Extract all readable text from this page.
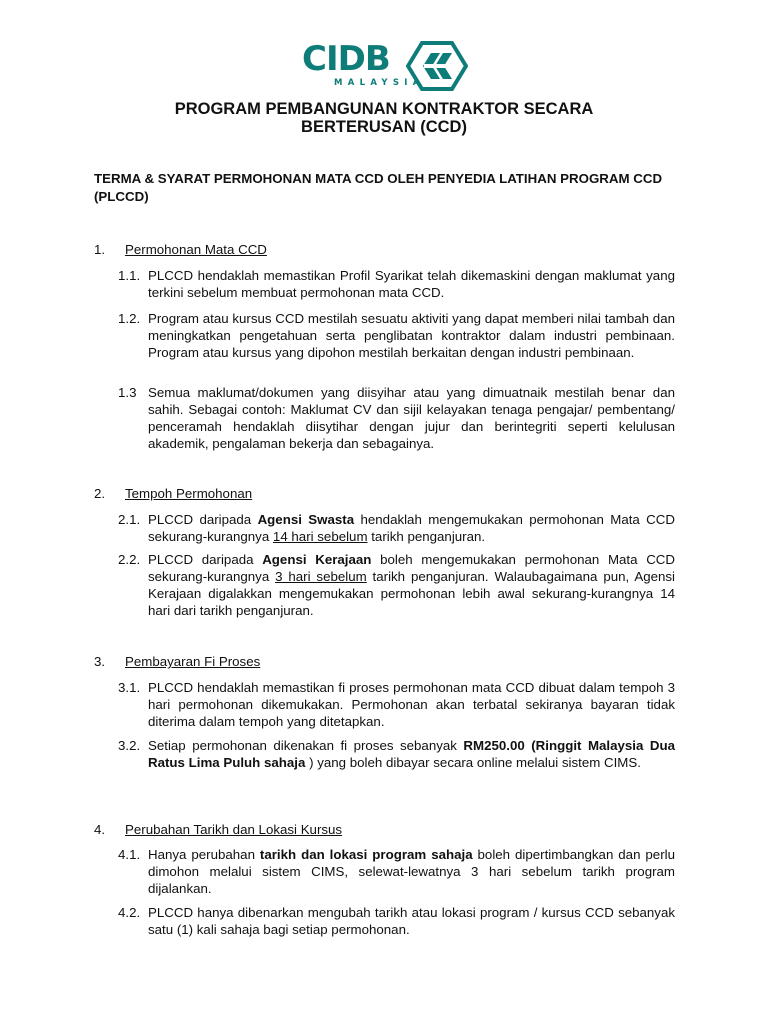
CIDB
MALAYSIA
PROGRAM PEMBANGUNAN KONTRAKTOR SECARA
BERTERUSAN (CCD)
TERMA & SYARAT PERMOHONAN MATA CCD OLEH PENYEDIA LATIHAN PROGRAM CCD (PLCCD)
1. Permohonan Mata CCD
1.1. PLCCD hendaklah memastikan Profil Syarikat telah dikemaskini dengan maklumat yang terkini sebelum membuat permohonan mata CCD.
1.2. Program atau kursus CCD mestilah sesuatu aktiviti yang dapat memberi nilai tambah dan meningkatkan pengetahuan serta penglibatan kontraktor dalam industri pembinaan. Program atau kursus yang dipohon mestilah berkaitan dengan industri pembinaan.
1.3 Semua maklumat/dokumen yang diisyihar atau yang dimuatnaik mestilah benar dan sahih. Sebagai contoh: Maklumat CV dan sijil kelayakan tenaga pengajar/ pembentang/ penceramah hendaklah diisytihar dengan jujur dan berintegriti seperti kelulusan akademik, pengalaman bekerja dan sebagainya.
2. Tempoh Permohonan
2.1. PLCCD daripada Agensi Swasta hendaklah mengemukakan permohonan Mata CCD sekurang-kurangnya 14 hari sebelum tarikh penganjuran.
2.2. PLCCD daripada Agensi Kerajaan boleh mengemukakan permohonan Mata CCD sekurang-kurangnya 3 hari sebelum tarikh penganjuran. Walaubagaimana pun, Agensi Kerajaan digalakkan mengemukakan permohonan lebih awal sekurang-kurangnya 14 hari dari tarikh penganjuran.
3. Pembayaran Fi Proses
3.1. PLCCD hendaklah memastikan fi proses permohonan mata CCD dibuat dalam tempoh 3 hari permohonan dikemukakan. Permohonan akan terbatal sekiranya bayaran tidak diterima dalam tempoh yang ditetapkan.
3.2. Setiap permohonan dikenakan fi proses sebanyak RM250.00 (Ringgit Malaysia Dua Ratus Lima Puluh sahaja ) yang boleh dibayar secara online melalui sistem CIMS.
4. Perubahan Tarikh dan Lokasi Kursus
4.1. Hanya perubahan tarikh dan lokasi program sahaja boleh dipertimbangkan dan perlu dimohon melalui sistem CIMS, selewat-lewatnya 3 hari sebelum tarikh program dijalankan.
4.2. PLCCD hanya dibenarkan mengubah tarikh atau lokasi program / kursus CCD sebanyak satu (1) kali sahaja bagi setiap permohonan.
